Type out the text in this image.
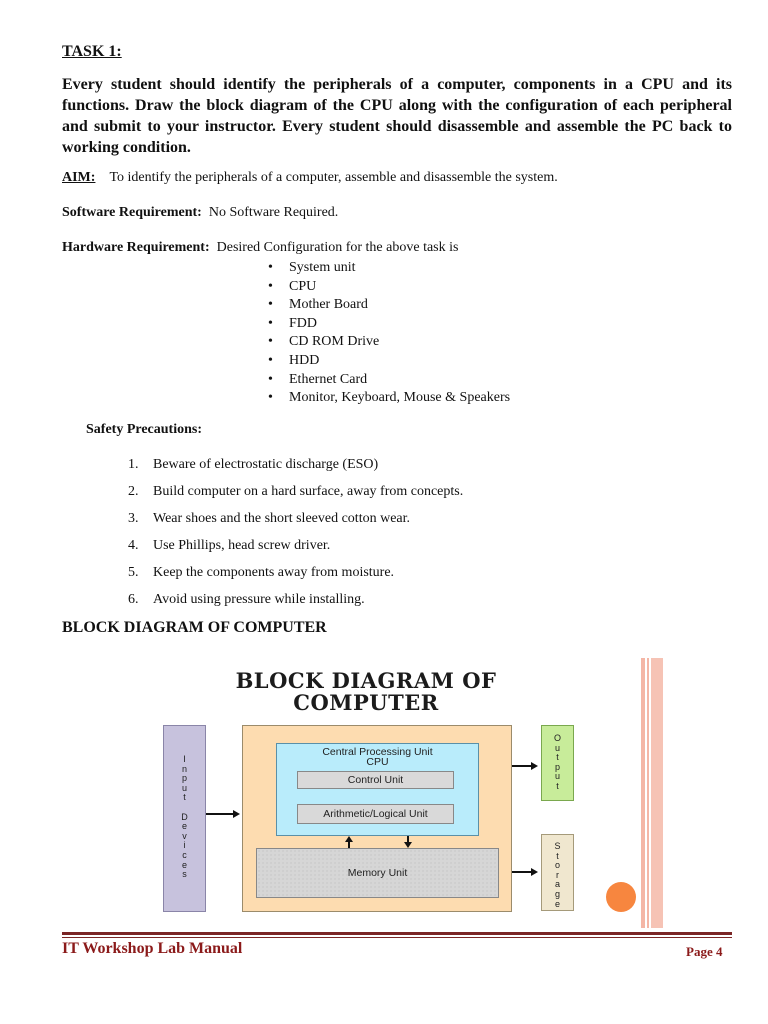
TASK 1:
Every student should identify the peripherals of a computer, components in a CPU and its functions. Draw the block diagram of the CPU along with the configuration of each peripheral and submit to your instructor. Every student should disassemble and assemble the PC back to working condition.
AIM: To identify the peripherals of a computer, assemble and disassemble the system.
Software Requirement: No Software Required.
Hardware Requirement: Desired Configuration for the above task is
• System unit
• CPU
• Mother Board
• FDD
• CD ROM Drive
• HDD
• Ethernet Card
• Monitor, Keyboard, Mouse & Speakers
Safety Precautions:
1. Beware of electrostatic discharge (ESO)
2. Build computer on a hard surface, away from concepts.
3. Wear shoes and the short sleeved cotton wear.
4. Use Phillips, head screw driver.
5. Keep the components away from moisture.
6. Avoid using pressure while installing.
BLOCK DIAGRAM OF COMPUTER
BLOCK DIAGRAM OF
COMPUTER
I
n
p
u
t

D
e
v
i
c
e
s
Central Processing Unit
CPU
Control Unit
Arithmetic/Logical Unit
Memory Unit
O
u
t
p
u
t
S
t
o
r
a
g
e
IT Workshop Lab Manual	Page 4
